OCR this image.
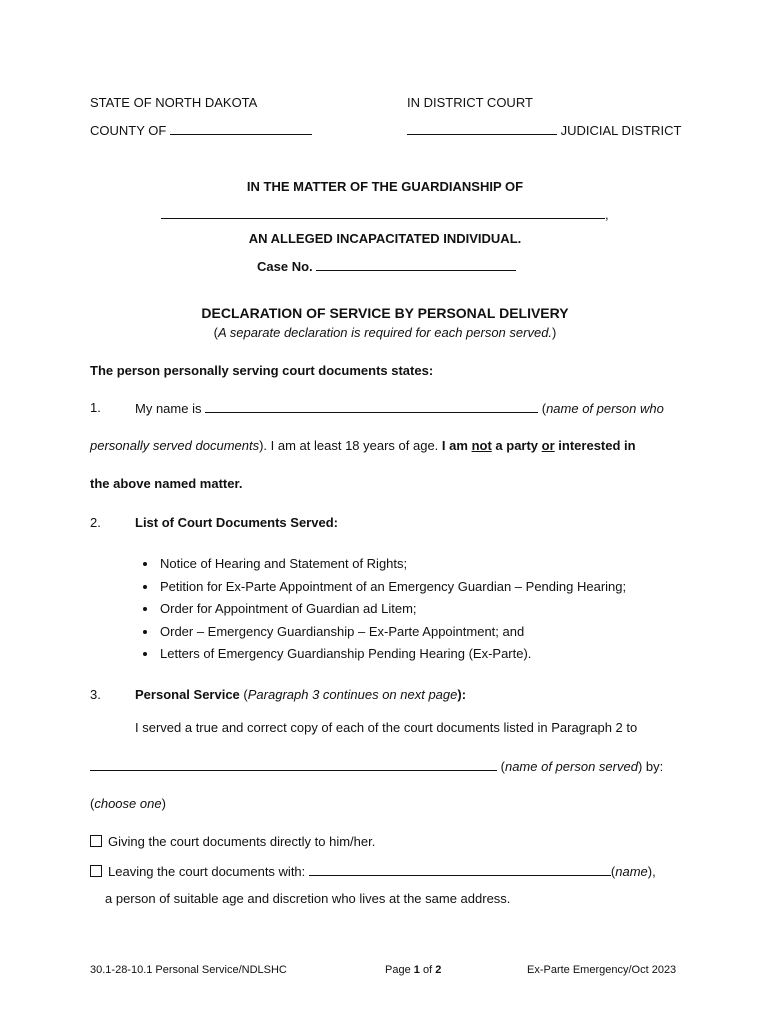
STATE OF NORTH DAKOTA	IN DISTRICT COURT
COUNTY OF	JUDICIAL DISTRICT
IN THE MATTER OF THE GUARDIANSHIP OF
,
AN ALLEGED INCAPACITATED INDIVIDUAL.
Case No.
DECLARATION OF SERVICE BY PERSONAL DELIVERY
(A separate declaration is required for each person served.)
The person personally serving court documents states:
1.	My name is	(name of person who
personally served documents). I am at least 18 years of age. I am not a party or interested in
the above named matter.
2.	List of Court Documents Served:
• Notice of Hearing and Statement of Rights;
• Petition for Ex-Parte Appointment of an Emergency Guardian – Pending Hearing;
• Order for Appointment of Guardian ad Litem;
• Order – Emergency Guardianship – Ex-Parte Appointment; and
• Letters of Emergency Guardianship Pending Hearing (Ex-Parte).
3.	Personal Service (Paragraph 3 continues on next page):
I served a true and correct copy of each of the court documents listed in Paragraph 2 to
(name of person served) by:
(choose one)
Giving the court documents directly to him/her.
Leaving the court documents with:	(name),
a person of suitable age and discretion who lives at the same address.
30.1-28-10.1 Personal Service/NDLSHC	Page 1 of 2	Ex-Parte Emergency/Oct 2023
